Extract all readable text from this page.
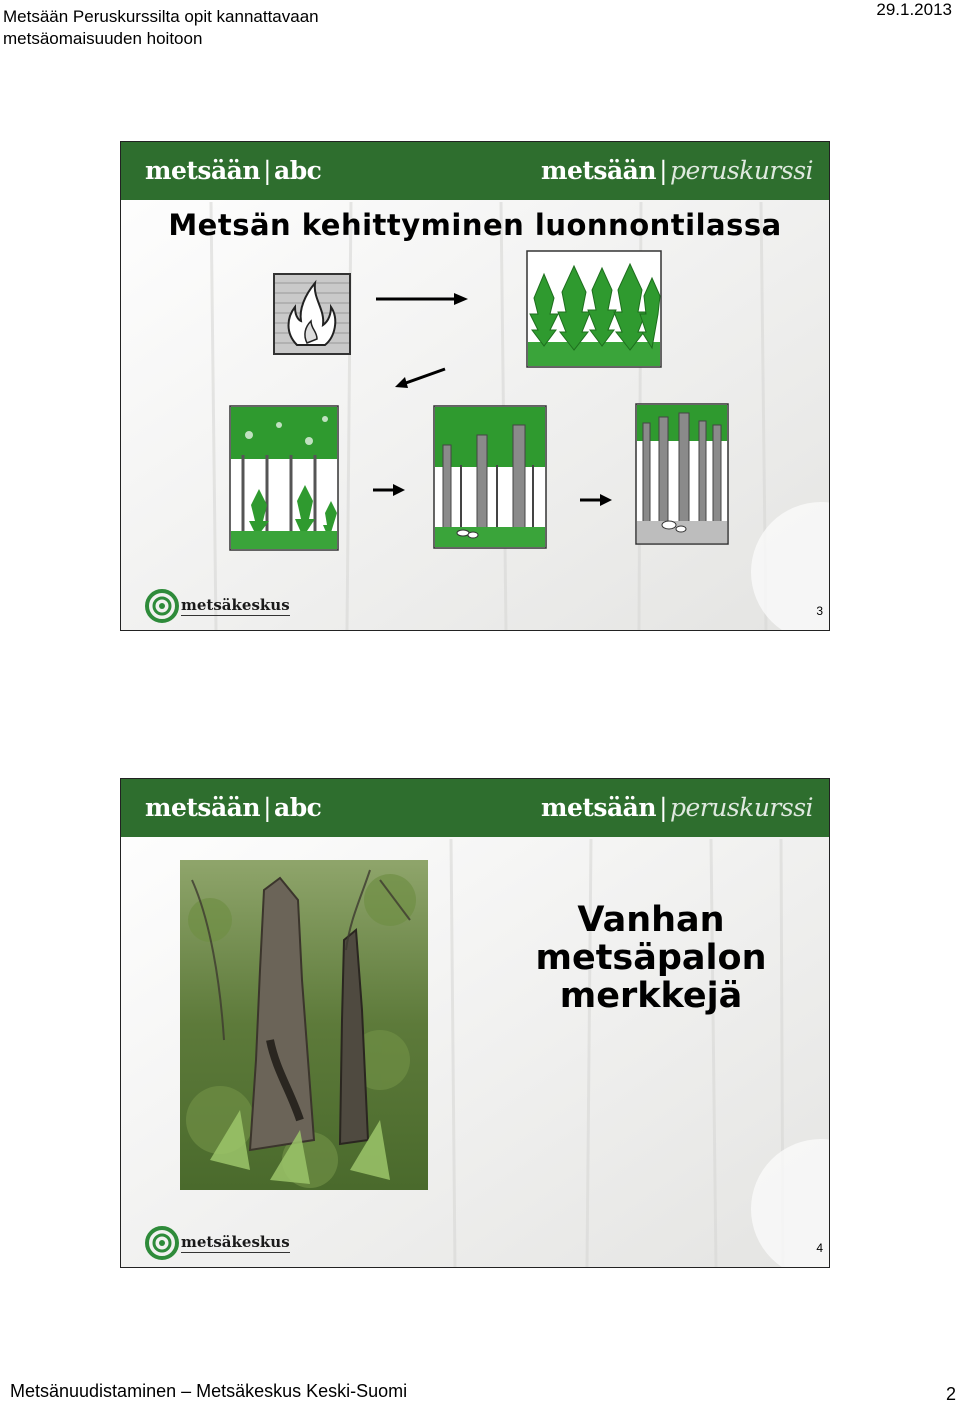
Metsään Peruskurssilta opit kannattavaan
metsäomaisuuden hoitoon
29.1.2013
metsään | abc	metsään | peruskurssi
Metsän kehittyminen luonnontilassa
metsäkeskus	3
metsään | abc	metsään | peruskurssi
Vanhan
metsäpalon
merkkejä
metsäkeskus	4
Metsänuudistaminen – Metsäkeskus Keski-Suomi	2
